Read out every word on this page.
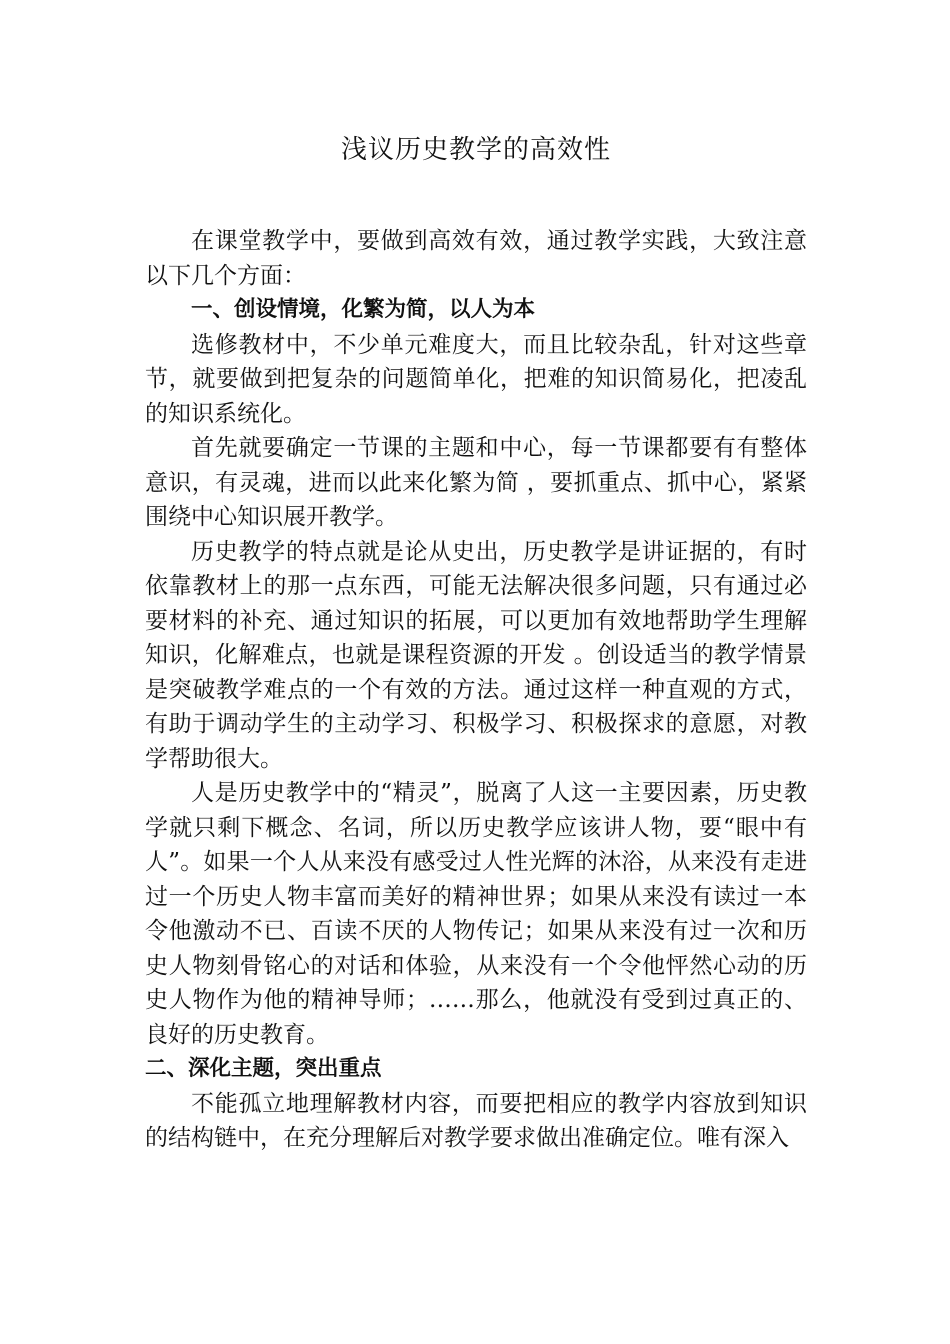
浅议历史教学的高效性

在课堂教学中，要做到高效有效，通过教学实践，大致注意以下几个方面：

一、创设情境，化繁为简，以人为本

选修教材中，不少单元难度大，而且比较杂乱，针对这些章节，就要做到把复杂的问题简单化，把难的知识简易化，把凌乱的知识系统化。

首先就要确定一节课的主题和中心，每一节课都要有有整体意识，有灵魂，进而以此来化繁为简 ，要抓重点、抓中心，紧紧围绕中心知识展开教学。

历史教学的特点就是论从史出，历史教学是讲证据的，有时依靠教材上的那一点东西，可能无法解决很多问题，只有通过必要材料的补充、通过知识的拓展，可以更加有效地帮助学生理解知识，化解难点，也就是课程资源的开发 。创设适当的教学情景是突破教学难点的一个有效的方法。通过这样一种直观的方式，有助于调动学生的主动学习、积极学习、积极探求的意愿，对教学帮助很大。

人是历史教学中的“精灵”，脱离了人这一主要因素，历史教学就只剩下概念、名词，所以历史教学应该讲人物，要“眼中有人”。如果一个人从来没有感受过人性光辉的沐浴，从来没有走进过一个历史人物丰富而美好的精神世界；如果从来没有读过一本令他激动不已、百读不厌的人物传记；如果从来没有过一次和历史人物刻骨铭心的对话和体验，从来没有一个令他怦然心动的历史人物作为他的精神导师；……那么，他就没有受到过真正的、良好的历史教育。

二、深化主题，突出重点

不能孤立地理解教材内容，而要把相应的教学内容放到知识的结构链中，在充分理解后对教学要求做出准确定位。唯有深入
